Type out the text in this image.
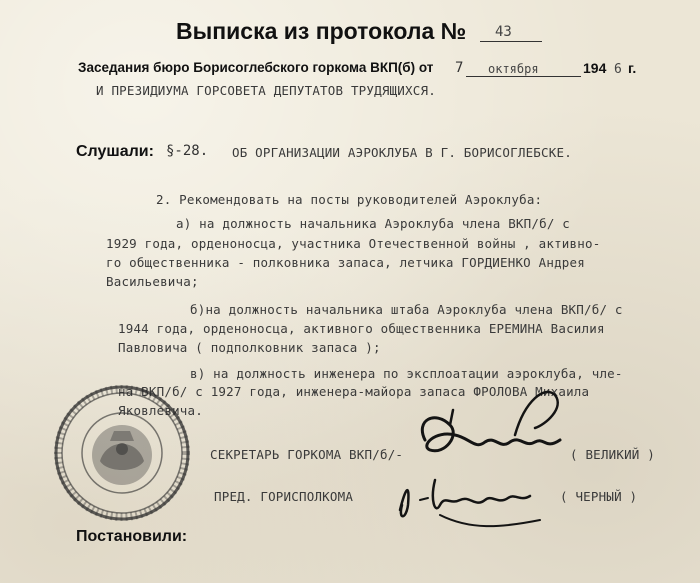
Выписка из протокола № 43
Заседания бюро Борисоглебского горкома ВКП(б) от 7 октября	194 6 г.
И ПРЕЗИДИУМА ГОРСОВЕТА ДЕПУТАТОВ ТРУДЯЩИХСЯ.
Слушали: §-28. ОБ ОРГАНИЗАЦИИ АЭРОКЛУБА В Г. БОРИСОГЛЕБСКЕ.
2. Рекомендовать на посты руководителей Аэроклуба:
а) на должность начальника Аэроклуба члена ВКП/б/ с
1929 года, орденоносца, участника Отечественной войны , активно-
го общественника - полковника запаса, летчика ГОРДИЕНКО Андрея
Васильевича;
б)на должность начальника штаба Аэроклуба члена ВКП/б/ с
1944 года, орденоносца, активного общественника ЕРЕМИНА Василия
Павловича ( подполковник запаса );
в) на должность инженера по эксплоатации аэроклуба, чле-
на ВКП/б/ с 1927 года, инженера-майора запаса ФРОЛОВА Михаила
Яковлевича.
СЕКРЕТАРЬ ГОРКОМА ВКП/б/-	( ВЕЛИКИЙ )
ПРЕД. ГОРИСПОЛКОМА	( ЧЕРНЫЙ )
Постановили:
